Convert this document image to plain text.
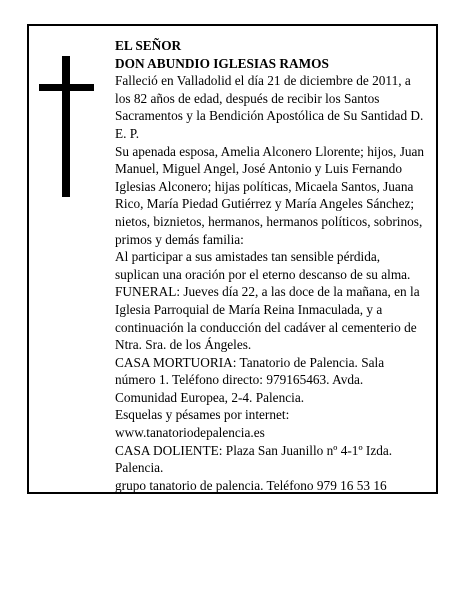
EL SEÑOR

DON ABUNDIO IGLESIAS RAMOS

Falleció en Valladolid el día 21 de diciembre de 2011, a los 82 años de edad, después de recibir los Santos Sacramentos y la Bendición Apostólica de Su Santidad D. E. P.

Su apenada esposa, Amelia Alconero Llorente; hijos, Juan Manuel, Miguel Angel, José Antonio y Luis Fernando Iglesias Alconero; hijas políticas, Micaela Santos, Juana Rico, María Piedad Gutiérrez y María Angeles Sánchez; nietos, biznietos, hermanos, hermanos políticos, sobrinos, primos y demás familia:

Al participar a sus amistades tan sensible pérdida, suplican una oración por el eterno descanso de su alma.

FUNERAL: Jueves día 22, a las doce de la mañana, en la Iglesia Parroquial de María Reina Inmaculada, y a continuación la conducción del cadáver al cementerio de Ntra. Sra. de los Ángeles.

CASA MORTUORIA: Tanatorio de Palencia. Sala número 1. Teléfono directo: 979165463. Avda. Comunidad Europea, 2-4. Palencia.

Esquelas y pésames por internet: www.tanatoriodepalencia.es

CASA DOLIENTE: Plaza San Juanillo nº 4-1º Izda. Palencia.

grupo tanatorio de palencia. Teléfono 979 16 53 16
